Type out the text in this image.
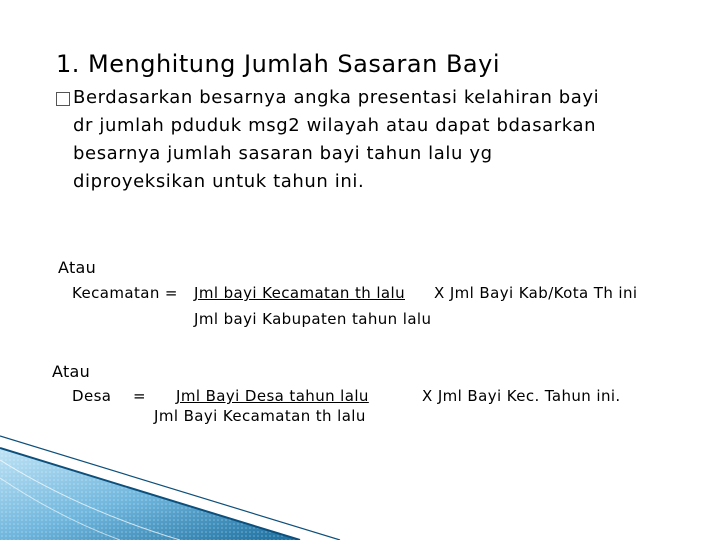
1. Menghitung Jumlah Sasaran Bayi
Berdasarkan besarnya angka presentasi kelahiran bayi
dr jumlah pduduk msg2 wilayah atau dapat bdasarkan
besarnya jumlah sasaran bayi tahun lalu yg
diproyeksikan untuk tahun ini.
Atau
Kecamatan = Jml bayi Kecamatan th lalu X Jml Bayi Kab/Kota Th ini
Jml bayi Kabupaten tahun lalu
Atau
Desa = Jml Bayi Desa tahun lalu	X Jml Bayi Kec. Tahun ini.
Jml Bayi Kecamatan th lalu
